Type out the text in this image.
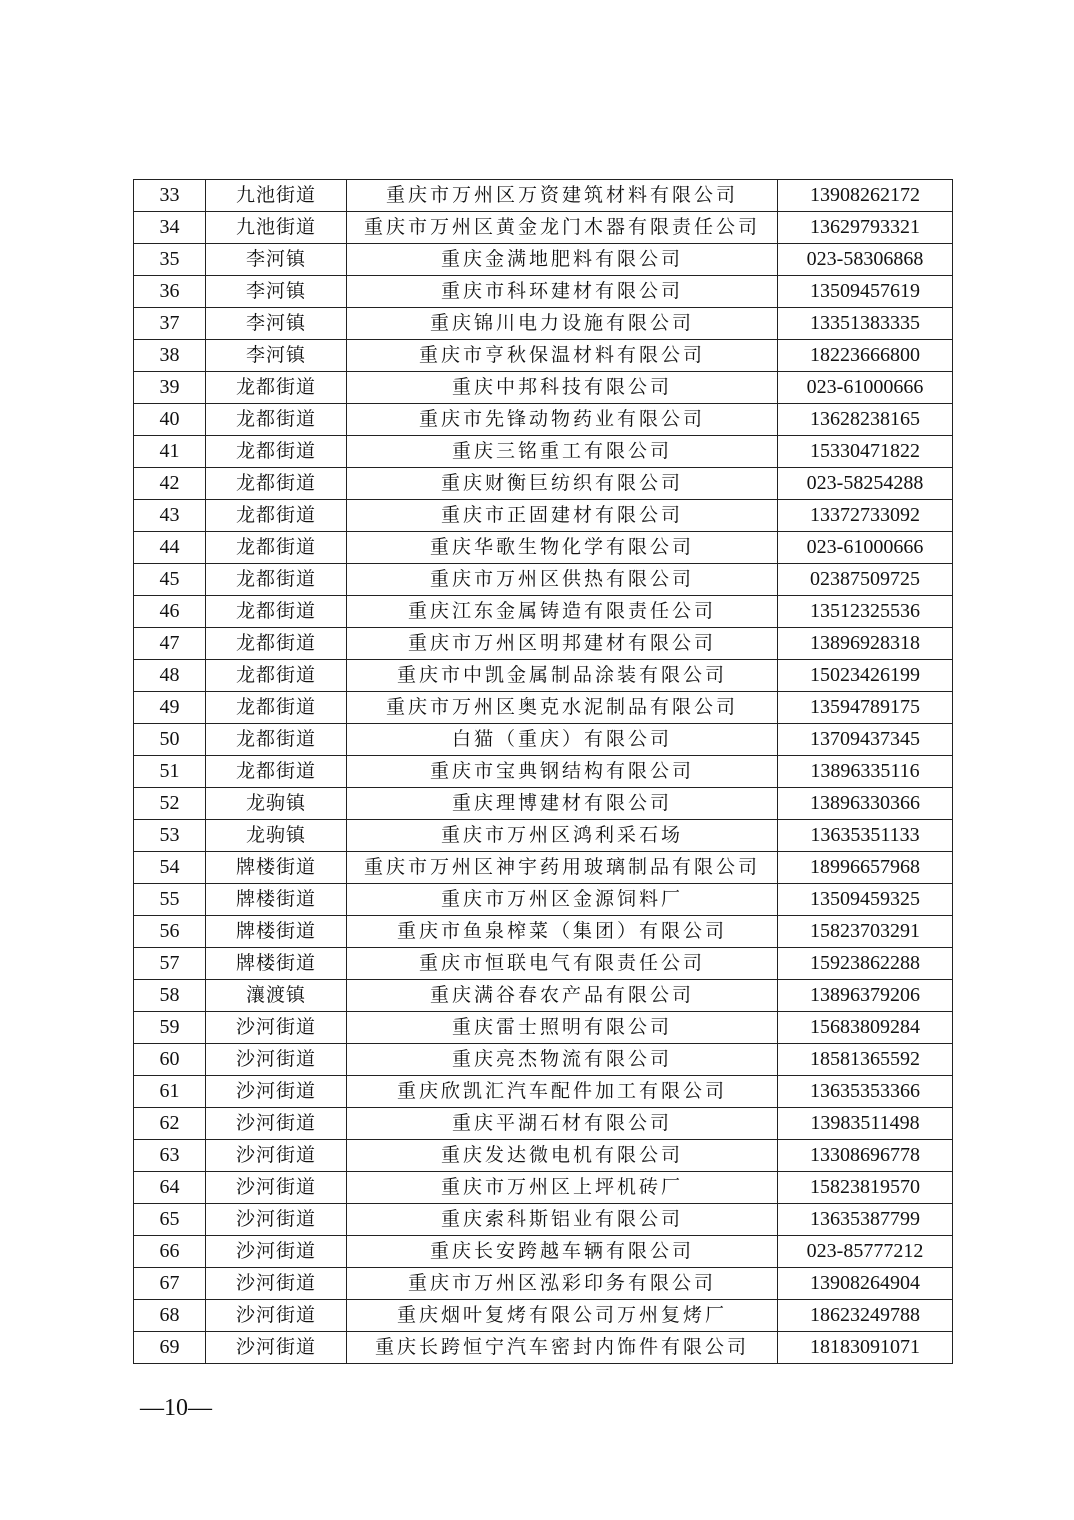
33	九池街道	重庆市万州区万资建筑材料有限公司	13908262172
34	九池街道	重庆市万州区黄金龙门木器有限责任公司	13629793321
35	李河镇	重庆金满地肥料有限公司	023-58306868
36	李河镇	重庆市科环建材有限公司	13509457619
37	李河镇	重庆锦川电力设施有限公司	13351383335
38	李河镇	重庆市亨秋保温材料有限公司	18223666800
39	龙都街道	重庆中邦科技有限公司	023-61000666
40	龙都街道	重庆市先锋动物药业有限公司	13628238165
41	龙都街道	重庆三铭重工有限公司	15330471822
42	龙都街道	重庆财衡巨纺织有限公司	023-58254288
43	龙都街道	重庆市正固建材有限公司	13372733092
44	龙都街道	重庆华歌生物化学有限公司	023-61000666
45	龙都街道	重庆市万州区供热有限公司	02387509725
46	龙都街道	重庆江东金属铸造有限责任公司	13512325536
47	龙都街道	重庆市万州区明邦建材有限公司	13896928318
48	龙都街道	重庆市中凯金属制品涂装有限公司	15023426199
49	龙都街道	重庆市万州区奥克水泥制品有限公司	13594789175
50	龙都街道	白猫（重庆）有限公司	13709437345
51	龙都街道	重庆市宝典钢结构有限公司	13896335116
52	龙驹镇	重庆理博建材有限公司	13896330366
53	龙驹镇	重庆市万州区鸿利采石场	13635351133
54	牌楼街道	重庆市万州区神宇药用玻璃制品有限公司	18996657968
55	牌楼街道	重庆市万州区金源饲料厂	13509459325
56	牌楼街道	重庆市鱼泉榨菜（集团）有限公司	15823703291
57	牌楼街道	重庆市恒联电气有限责任公司	15923862288
58	瀼渡镇	重庆满谷春农产品有限公司	13896379206
59	沙河街道	重庆雷士照明有限公司	15683809284
60	沙河街道	重庆亮杰物流有限公司	18581365592
61	沙河街道	重庆欣凯汇汽车配件加工有限公司	13635353366
62	沙河街道	重庆平湖石材有限公司	13983511498
63	沙河街道	重庆发达微电机有限公司	13308696778
64	沙河街道	重庆市万州区上坪机砖厂	15823819570
65	沙河街道	重庆索科斯铝业有限公司	13635387799
66	沙河街道	重庆长安跨越车辆有限公司	023-85777212
67	沙河街道	重庆市万州区泓彩印务有限公司	13908264904
68	沙河街道	重庆烟叶复烤有限公司万州复烤厂	18623249788
69	沙河街道	重庆长跨恒宁汽车密封内饰件有限公司	18183091071
—10—
